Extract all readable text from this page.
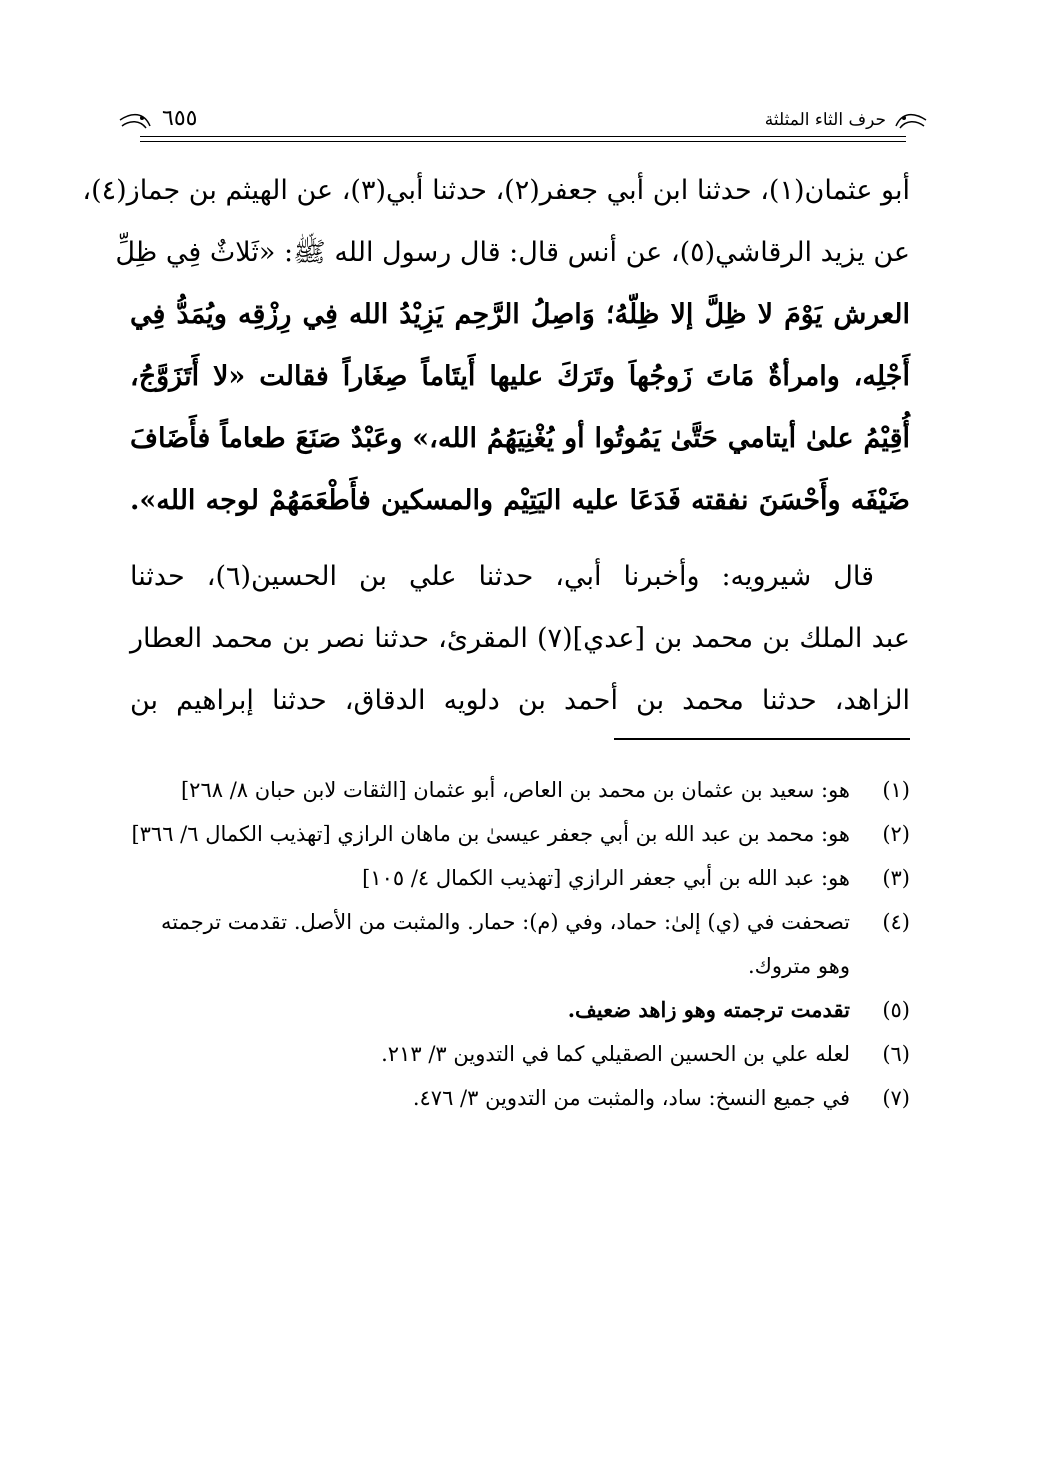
حرف الثاء المثلثة
٦٥٥
أبو عثمان(١)، حدثنا ابن أبي جعفر(٢)، حدثنا أبي(٣)، عن الهيثم بن جماز(٤)،
عن يزيد الرقاشي(٥)، عن أنس قال: قال رسول الله ﷺ: «ثَلاثٌ فِي ظِلِّ
العرش يَوْمَ لا ظِلَّ إلا ظِلّهُ؛ وَاصِلُ الرَّحِم يَزِيْدُ الله فِي رِزْقِه ويُمَدُّ فِي
أَجْلِه، وامرأةٌ مَاتَ زَوجُهاَ وتَرَكَ عليها أَيتَاماً صِغَاراً فقالت «لا أَتَزَوَّجُ،
أُقِيْمُ علىٰ أيتامي حَتَّىٰ يَمُوتُوا أو يُغْنِيَهُمُ الله،» وعَبْدٌ صَنَعَ طعاماً فأَضَافَ
ضَيْفَه وأَحْسَنَ نفقته فَدَعَا عليه اليَتِيْم والمسكين فأَطْعَمَهُمْ لوجه الله».
قال شيرويه: وأخبرنا أبي، حدثنا علي بن الحسين(٦)، حدثنا
عبد الملك بن محمد بن [عدي](٧) المقرئ، حدثنا نصر بن محمد العطار
الزاهد، حدثنا محمد بن أحمد بن دلويه الدقاق، حدثنا إبراهيم بن
(١)
هو: سعيد بن عثمان بن محمد بن العاص، أبو عثمان [الثقات لابن حبان ٨/ ٢٦٨]
(٢)
هو: محمد بن عبد الله بن أبي جعفر عيسىٰ بن ماهان الرازي [تهذيب الكمال ٦/ ٣٦٦]
(٣)
هو: عبد الله بن أبي جعفر الرازي [تهذيب الكمال ٤/ ١٠٥]
(٤)
تصحفت في (ي) إلىٰ: حماد، وفي (م): حمار. والمثبت من الأصل. تقدمت ترجمته وهو متروك.
(٥)
تقدمت ترجمته وهو زاهد ضعيف.
(٦)
لعله علي بن الحسين الصقيلي كما في التدوين ٣/ ٢١٣.
(٧)
في جميع النسخ: ساد، والمثبت من التدوين ٣/ ٤٧٦.
